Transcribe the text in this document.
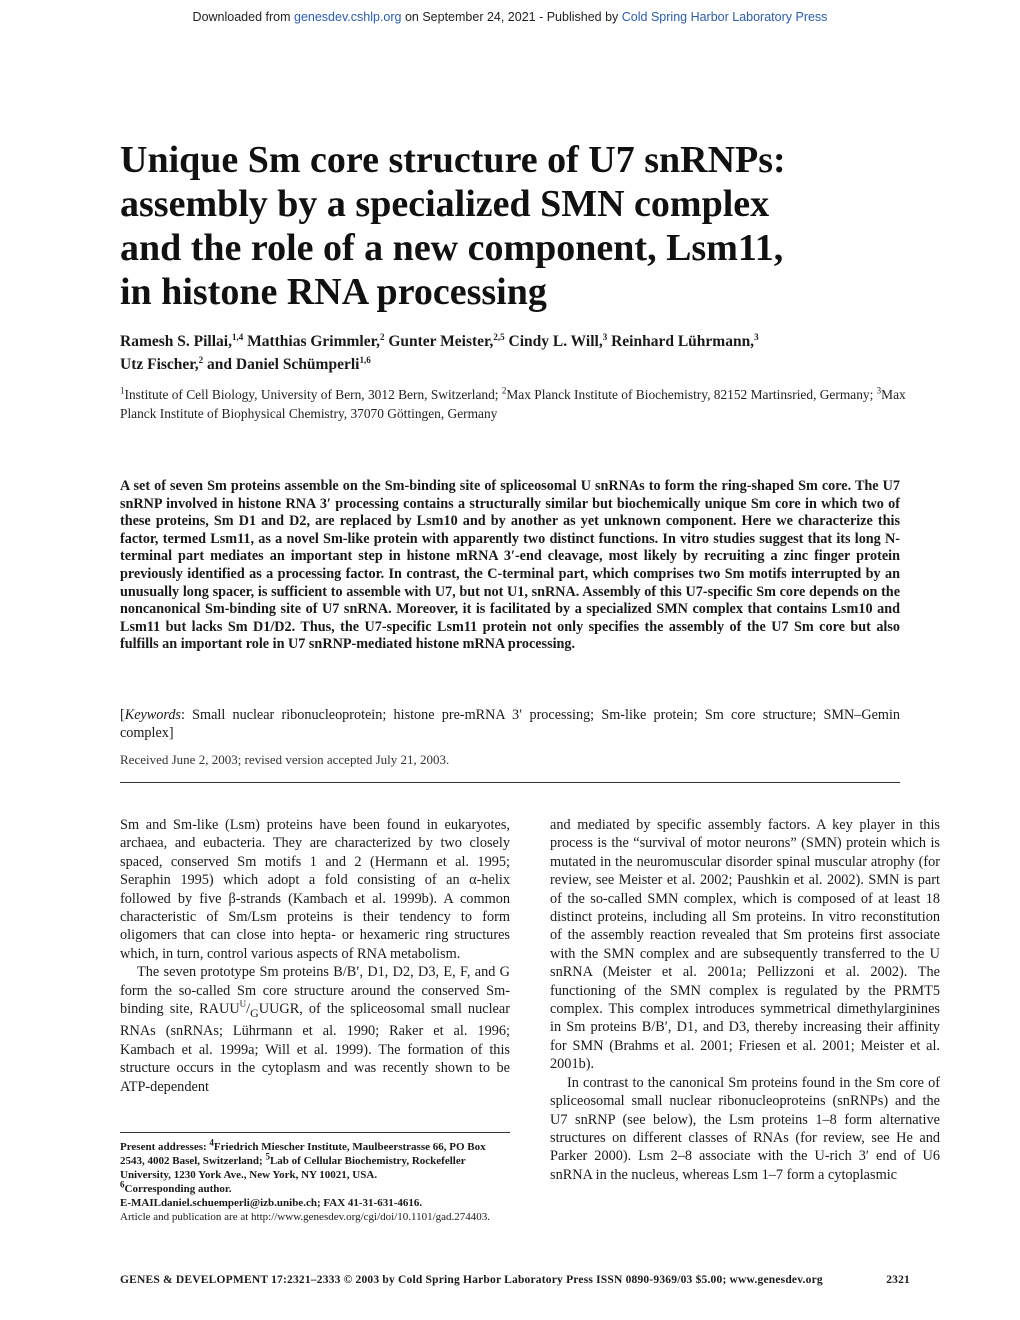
Downloaded from genesdev.cshlp.org on September 24, 2021 - Published by Cold Spring Harbor Laboratory Press
Unique Sm core structure of U7 snRNPs:
assembly by a specialized SMN complex
and the role of a new component, Lsm11,
in histone RNA processing
Ramesh S. Pillai,$^{1,4}$ Matthias Grimmler,$^2$ Gunter Meister,$^{2,5}$ Cindy L. Will,$^3$ Reinhard Lührmann,$^3$
Utz Fischer,$^2$ and Daniel Schümperli$^{1,6}$
$^1$Institute of Cell Biology, University of Bern, 3012 Bern, Switzerland; $^2$Max Planck Institute of Biochemistry, 82152 Martinsried, Germany; $^3$Max Planck Institute of Biophysical Chemistry, 37070 Göttingen, Germany
A set of seven Sm proteins assemble on the Sm-binding site of spliceosomal U snRNAs to form the ring-shaped Sm core. The U7 snRNP involved in histone RNA 3′ processing contains a structurally similar but biochemically unique Sm core in which two of these proteins, Sm D1 and D2, are replaced by Lsm10 and by another as yet unknown component. Here we characterize this factor, termed Lsm11, as a novel Sm-like protein with apparently two distinct functions. In vitro studies suggest that its long N-terminal part mediates an important step in histone mRNA 3′-end cleavage, most likely by recruiting a zinc finger protein previously identified as a processing factor. In contrast, the C-terminal part, which comprises two Sm motifs interrupted by an unusually long spacer, is sufficient to assemble with U7, but not U1, snRNA. Assembly of this U7-specific Sm core depends on the noncanonical Sm-binding site of U7 snRNA. Moreover, it is facilitated by a specialized SMN complex that contains Lsm10 and Lsm11 but lacks Sm D1/D2. Thus, the U7-specific Lsm11 protein not only specifies the assembly of the U7 Sm core but also fulfills an important role in U7 snRNP-mediated histone mRNA processing.
[Keywords: Small nuclear ribonucleoprotein; histone pre-mRNA 3′ processing; Sm-like protein; Sm core structure; SMN–Gemin complex]
Received June 2, 2003; revised version accepted July 21, 2003.

Sm and Sm-like (Lsm) proteins have been found in eukaryotes, archaea, and eubacteria. They are characterized by two closely spaced, conserved Sm motifs 1 and 2 (Hermann et al. 1995; Seraphin 1995) which adopt a fold consisting of an α-helix followed by five β-strands (Kambach et al. 1999b). A common characteristic of Sm/Lsm proteins is their tendency to form oligomers that can close into hepta- or hexameric ring structures which, in turn, control various aspects of RNA metabolism.

The seven prototype Sm proteins B/B′, D1, D2, D3, E, F, and G form the so-called Sm core structure around the conserved Sm-binding site, $RAUU^U/_GUUGR$, of the spliceosomal small nuclear RNAs (snRNAs; Lührmann et al. 1990; Raker et al. 1996; Kambach et al. 1999a; Will et al. 1999). The formation of this structure occurs in the cytoplasm and was recently shown to be ATP-dependent

Present addresses: $^4$Friedrich Miescher Institute, Maulbeerstrasse 66, PO Box 2543, 4002 Basel, Switzerland; $^5$Lab of Cellular Biochemistry, Rockefeller University, 1230 York Ave., New York, NY 10021, USA.
$^6$Corresponding author.
E-MAILdaniel.schuemperli@izb.unibe.ch; FAX 41-31-631-4616.
Article and publication are at http://www.genesdev.org/cgi/doi/10.1101/gad.274403.

and mediated by specific assembly factors. A key player in this process is the “survival of motor neurons” (SMN) protein which is mutated in the neuromuscular disorder spinal muscular atrophy (for review, see Meister et al. 2002; Paushkin et al. 2002). SMN is part of the so-called SMN complex, which is composed of at least 18 distinct proteins, including all Sm proteins. In vitro reconstitution of the assembly reaction revealed that Sm proteins first associate with the SMN complex and are subsequently transferred to the U snRNA (Meister et al. 2001a; Pellizzoni et al. 2002). The functioning of the SMN complex is regulated by the PRMT5 complex. This complex introduces symmetrical dimethylarginines in Sm proteins B/B′, D1, and D3, thereby increasing their affinity for SMN (Brahms et al. 2001; Friesen et al. 2001; Meister et al. 2001b).

In contrast to the canonical Sm proteins found in the Sm core of spliceosomal small nuclear ribonucleoproteins (snRNPs) and the U7 snRNP (see below), the Lsm proteins 1–8 form alternative structures on different classes of RNAs (for review, see He and Parker 2000). Lsm 2–8 associate with the U-rich 3′ end of U6 snRNA in the nucleus, whereas Lsm 1–7 form a cytoplasmic

GENES & DEVELOPMENT 17:2321–2333 © 2003 by Cold Spring Harbor Laboratory Press ISSN 0890-9369/03 $5.00; www.genesdev.org	2321
